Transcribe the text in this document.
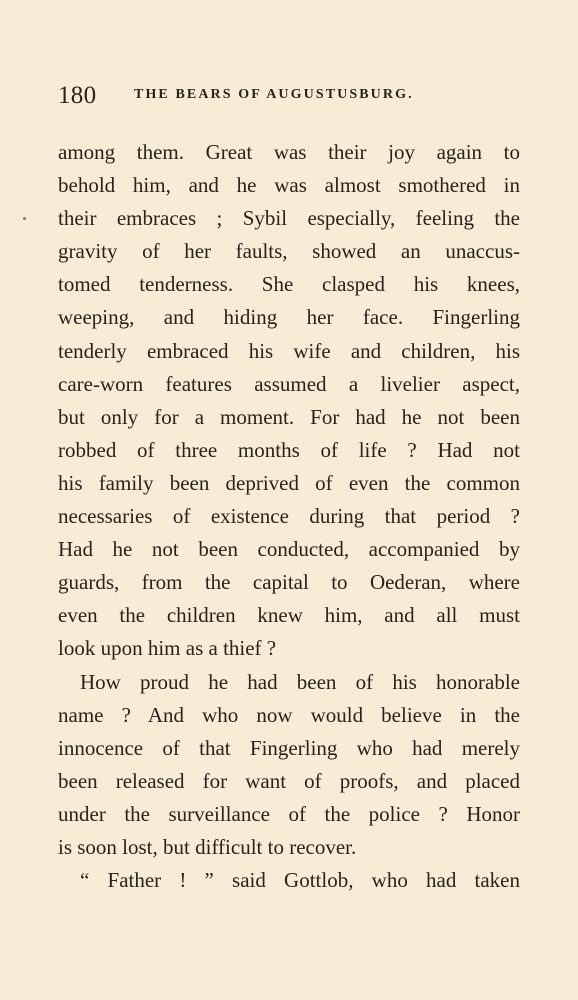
180	THE BEARS OF AUGUSTUSBURG.
among them. Great was their joy again to
behold him, and he was almost smothered in
their embraces ; Sybil especially, feeling the
gravity of her faults, showed an unaccus-
tomed tenderness. She clasped his knees,
weeping, and hiding her face. Fingerling
tenderly embraced his wife and children, his
care-worn features assumed a livelier aspect,
but only for a moment. For had he not been
robbed of three months of life ? Had not
his family been deprived of even the common
necessaries of existence during that period ?
Had he not been conducted, accompanied by
guards, from the capital to Oederan, where
even the children knew him, and all must
look upon him as a thief ?
How proud he had been of his honorable
name ? And who now would believe in the
innocence of that Fingerling who had merely
been released for want of proofs, and placed
under the surveillance of the police ? Honor
is soon lost, but difficult to recover.
“ Father ! ” said Gottlob, who had taken
